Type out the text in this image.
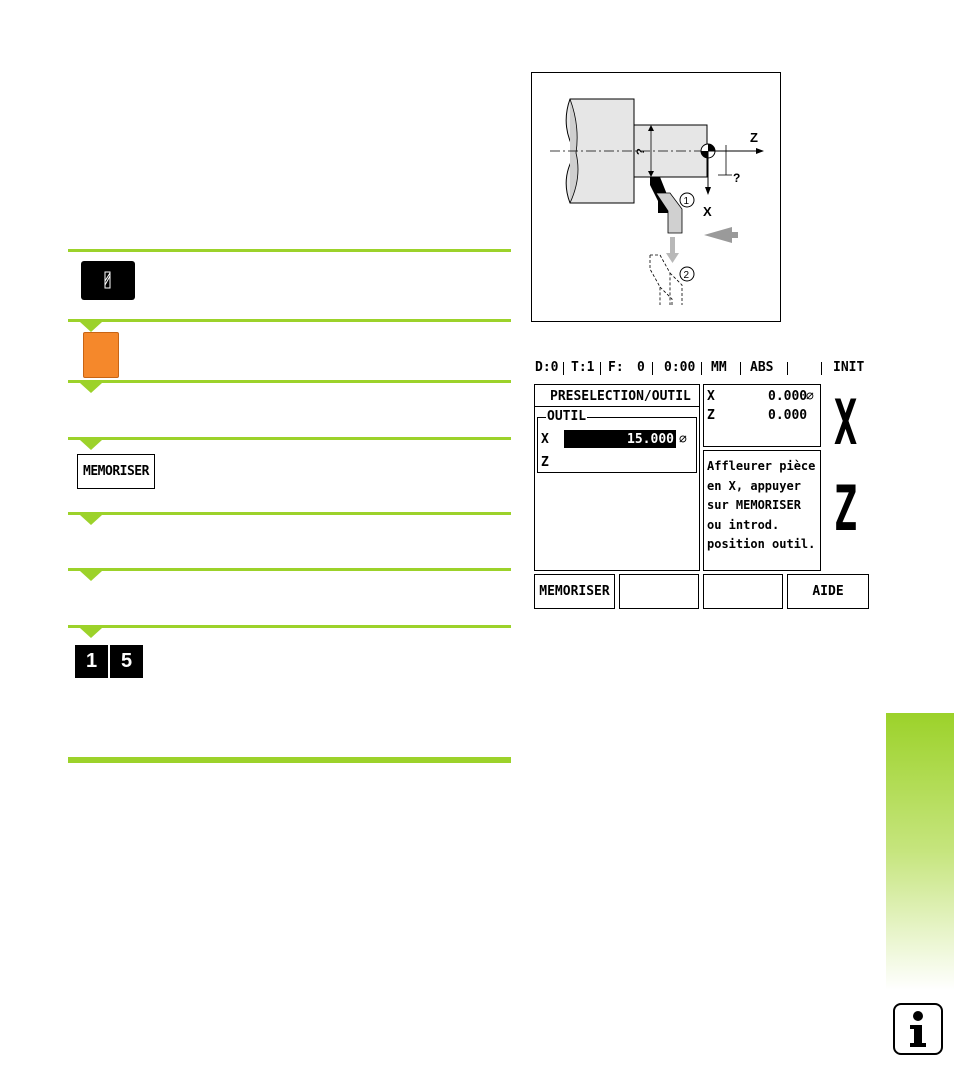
MEMORISER
1	5
?
Z
X
?
1
2
D:0 T:1 F: 0 0:00 MM ABS	INIT
PRESELECTION/OUTIL
OUTIL
X	15.000 ⌀
Z
X	0.000
⌀
Z	0.000
Affleurer pièce
en X, appuyer
sur MEMORISER
ou introd.
position outil.
X
Z
MEMORISER	AIDE
